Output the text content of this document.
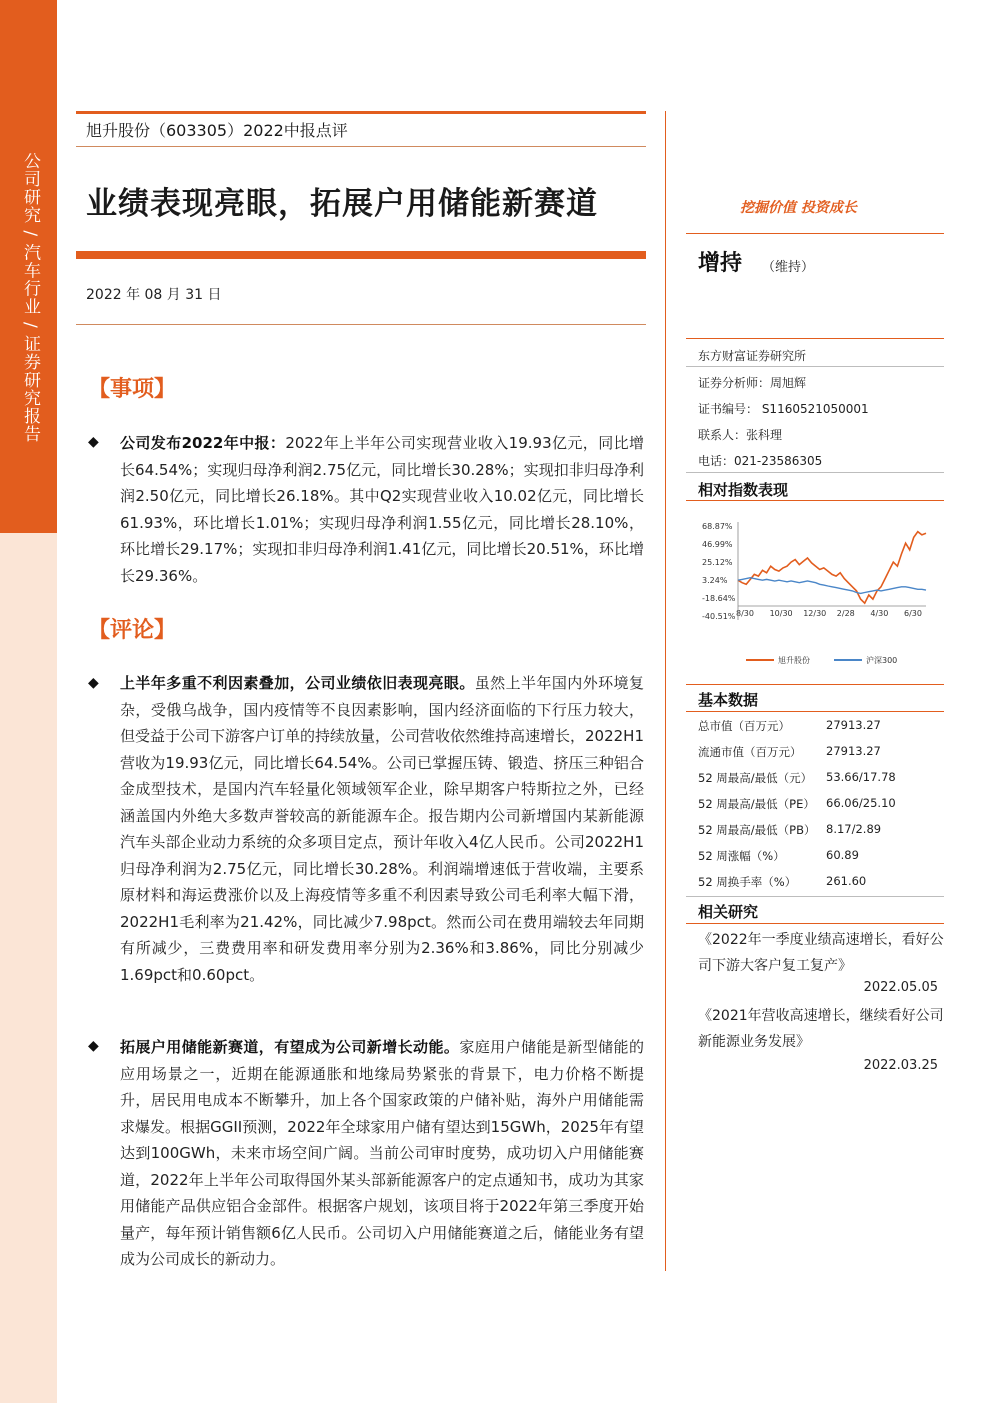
公司研究 / 汽车行业 / 证券研究报告
旭升股份（603305）2022中报点评
业绩表现亮眼，拓展户用储能新赛道
2022 年 08 月 31 日
【事项】
◆ 公司发布2022年中报：2022年上半年公司实现营业收入19.93亿元，同比增长64.54%；实现归母净利润2.75亿元，同比增长30.28%；实现扣非归母净利润2.50亿元，同比增长26.18%。其中Q2实现营业收入10.02亿元，同比增长61.93%，环比增长1.01%；实现归母净利润1.55亿元，同比增长28.10%，环比增长29.17%；实现扣非归母净利润1.41亿元，同比增长20.51%，环比增长29.36%。
【评论】
◆ 上半年多重不利因素叠加，公司业绩依旧表现亮眼。虽然上半年国内外环境复杂，受俄乌战争，国内疫情等不良因素影响，国内经济面临的下行压力较大，但受益于公司下游客户订单的持续放量，公司营收依然维持高速增长，2022H1营收为19.93亿元，同比增长64.54%。公司已掌握压铸、锻造、挤压三种铝合金成型技术，是国内汽车轻量化领域领军企业，除早期客户特斯拉之外，已经涵盖国内外绝大多数声誉较高的新能源车企。报告期内公司新增国内某新能源汽车头部企业动力系统的众多项目定点，预计年收入4亿人民币。公司2022H1归母净利润为2.75亿元，同比增长30.28%。利润端增速低于营收端，主要系原材料和海运费涨价以及上海疫情等多重不利因素导致公司毛利率大幅下滑，2022H1毛利率为21.42%，同比减少7.98pct。然而公司在费用端较去年同期有所减少，三费费用率和研发费用率分别为2.36%和3.86%，同比分别减少1.69pct和0.60pct。
◆ 拓展户用储能新赛道，有望成为公司新增长动能。家庭用户储能是新型储能的应用场景之一，近期在能源通胀和地缘局势紧张的背景下，电力价格不断提升，居民用电成本不断攀升，加上各个国家政策的户储补贴，海外户用储能需求爆发。根据GGII预测，2022年全球家用户储有望达到15GWh，2025年有望达到100GWh，未来市场空间广阔。当前公司审时度势，成功切入户用储能赛道，2022年上半年公司取得国外某头部新能源客户的定点通知书，成功为其家用储能产品供应铝合金部件。根据客户规划，该项目将于2022年第三季度开始量产，每年预计销售额6亿人民币。公司切入户用储能赛道之后，储能业务有望成为公司成长的新动力。
挖掘价值 投资成长
增持 （维持）
东方财富证券研究所
证券分析师：周旭辉
证书编号： S1160521050001
联系人：张科理
电话：021-23586305
相对指数表现
68.87%
46.99%
25.12%
3.24%
-18.64%
-40.51% 8/30 10/30 12/30 2/28 4/30 6/30
旭升股份	沪深300
基本数据
总市值（百万元）	27913.27
流通市值（百万元） 27913.27
52 周最高/最低（元） 53.66/17.78
52 周最高/最低（PE） 66.06/25.10
52 周最高/最低（PB） 8.17/2.89
52 周涨幅（%）	60.89
52 周换手率（%）	261.60
相关研究
《2022年一季度业绩高速增长，看好公司下游大客户复工复产》
2022.05.05
《2021年营收高速增长，继续看好公司新能源业务发展》
2022.03.25
